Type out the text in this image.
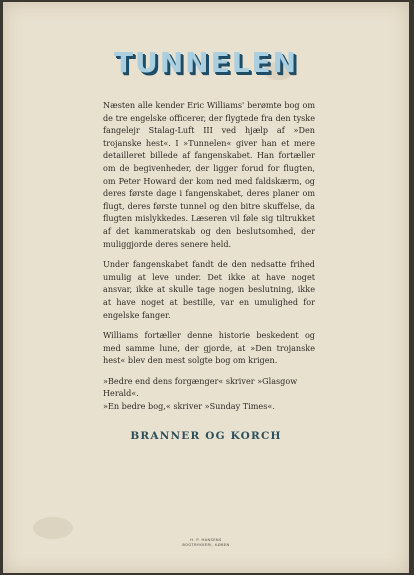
TUNNELEN

Næsten alle kender Eric Williams' berømte bog om de tre engelske officerer, der flygtede fra den tyske fangelejr Stalag-Luft III ved hjælp af »Den trojanske hest«. I »Tunnelen« giver han et mere detailleret billede af fangenskabet. Han fortæller om de begivenheder, der ligger forud for flugten, om Peter Howard der kom ned med faldskærm, og deres første dage i fangenskabet, deres planer om flugt, deres første tunnel og den bitre skuffelse, da flugten mislykkedes. Læseren vil føle sig tiltrukket af det kammeratskab og den beslutsomhed, der muliggjorde deres senere held.

Under fangenskabet fandt de den nedsatte frihed umulig at leve under. Det ikke at have noget ansvar, ikke at skulle tage nogen beslutning, ikke at have noget at bestille, var en umulighed for engelske fanger.

Williams fortæller denne historie beskedent og med samme lune, der gjorde, at »Den trojanske hest« blev den mest solgte bog om krigen.

»Bedre end dens forgænger« skriver »Glasgow Herald«.
»En bedre bog,« skriver »Sunday Times«.

BRANNER OG KORCH
H. P. HANSENS
BOGTRYKKERI, KØBEN
